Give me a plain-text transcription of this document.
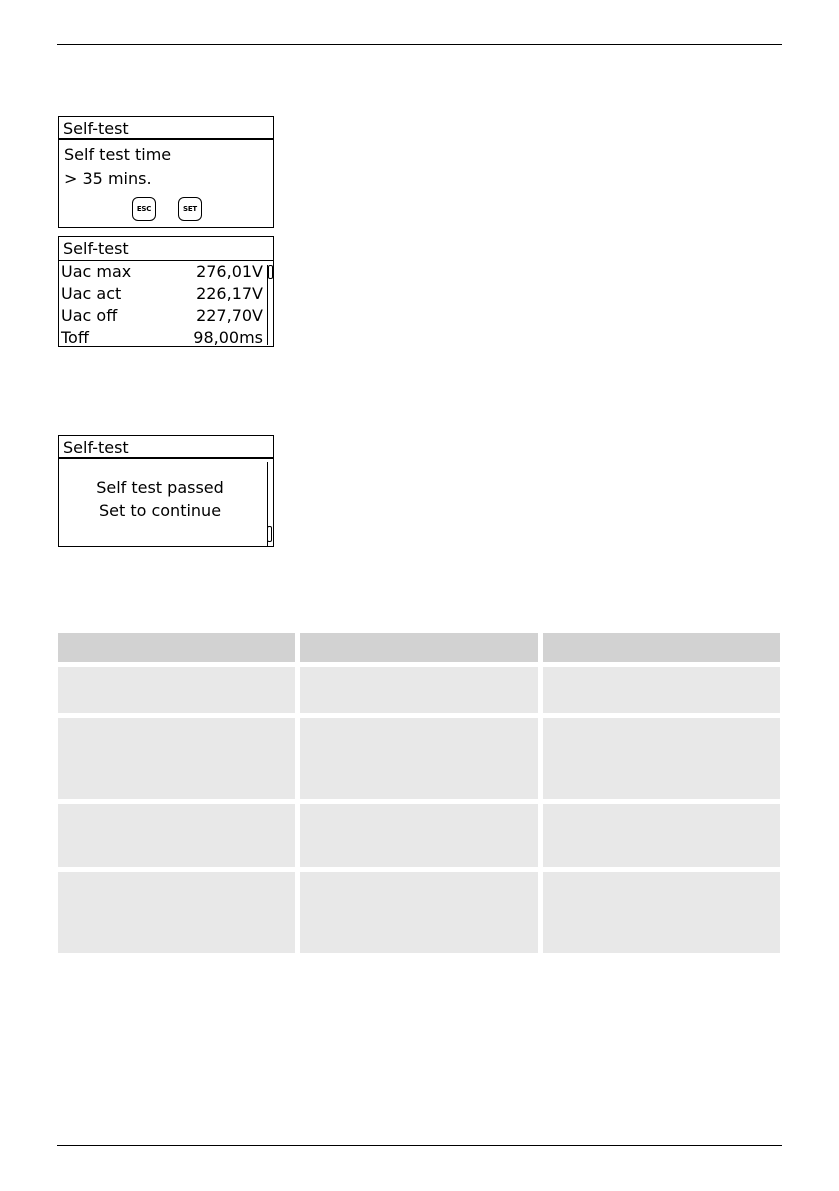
Self-test
Self test time
> 35 mins.
ESC	SET
Self-test
Uac max	276,01V
Uac act	226,17V
Uac off	227,70V
Toff	98,00ms
Self-test
Self test passed
Set to continue
